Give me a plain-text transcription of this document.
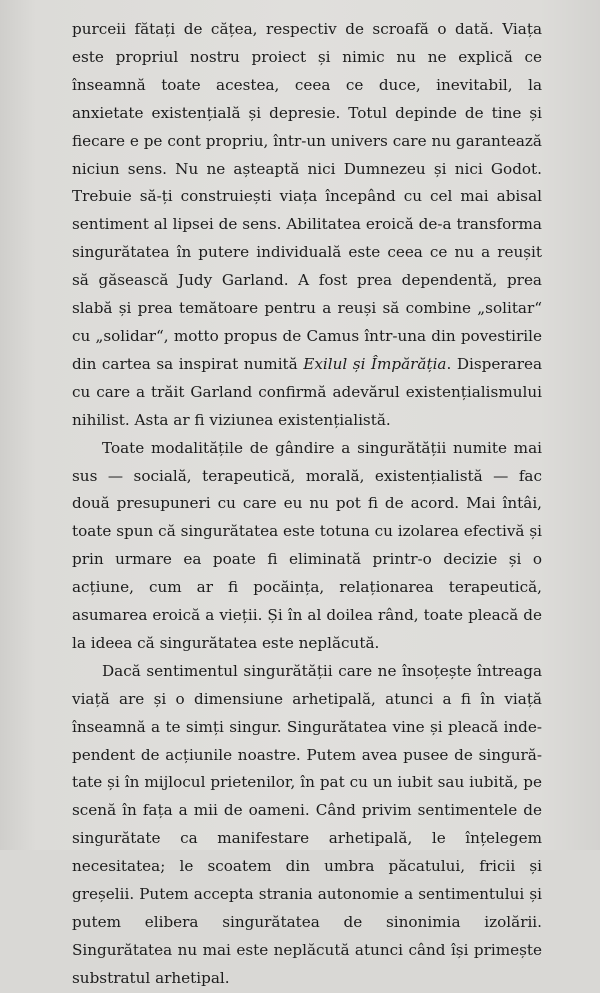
purceii fătați de cățea, respectiv de scroafă o dată. Viața este propriul nostru proiect și nimic nu ne explică ce înseamnă toate acestea, ceea ce duce, inevitabil, la anxietate existențială și depresie. Totul depinde de tine și fiecare e pe cont propriu, într-un univers care nu garantează niciun sens. Nu ne așteaptă nici Dumnezeu și nici Godot. Trebuie să-ți construiești viața începând cu cel mai abisal sentiment al lipsei de sens. Abilitatea eroică de-a transforma singurătatea în putere individuală este ceea ce nu a reușit să găsească Judy Garland. A fost prea dependentă, prea slabă și prea temătoare pentru a reuși să combine „solitar“ cu „solidar“, motto propus de Camus într-una din povestirile din cartea sa inspirat numită Exilul și Împărăția. Disperarea cu care a trăit Garland confirmă adevărul existențialismului nihilist. Asta ar fi viziunea existențialistă.

Toate modalitățile de gândire a singurătății numite mai sus — socială, terapeutică, morală, existențialistă — fac două presupuneri cu care eu nu pot fi de acord. Mai întâi, toate spun că singurătatea este totuna cu izolarea efectivă și prin urmare ea poate fi eliminată printr-o decizie și o acțiune, cum ar fi pocăința, relaționarea terapeutică, asumarea eroică a vieții. Și în al doilea rând, toate pleacă de la ideea că singurătatea este neplăcută.

Dacă sentimentul singurătății care ne însoțește întreaga viață are și o dimensiune arhetipală, atunci a fi în viață înseamnă a te simți singur. Singurătatea vine și pleacă independent de acțiunile noastre. Putem avea pusee de singurătate și în mijlocul prietenilor, în pat cu un iubit sau iubită, pe scenă în fața a mii de oameni. Când privim sentimentele de singurătate ca manifestare arhetipală, le înțelegem necesitatea; le scoatem din umbra păcatului, fricii și greșelii. Putem accepta strania autonomie a sentimentului și putem elibera singurătatea de sinonimia izolării. Singurătatea nu mai este neplăcută atunci când își primește substratul arhetipal.
